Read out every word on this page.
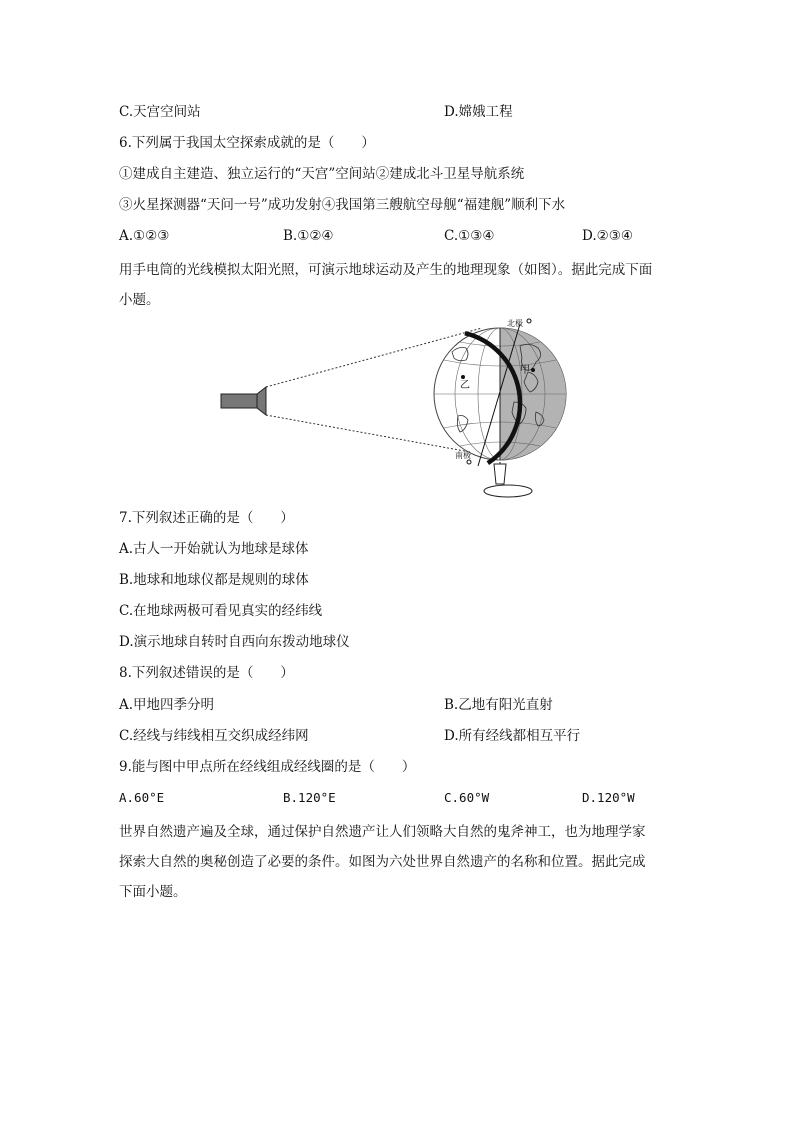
C.天宫空间站	D.嫦娥工程
6.下列属于我国太空探索成就的是（　　）
①建成自主建造、独立运行的“天宫”空间站②建成北斗卫星导航系统
③火星探测器“天问一号”成功发射④我国第三艘航空母舰“福建舰”顺利下水
A.①②③	B.①②④	C.①③④	D.②③④
用手电筒的光线模拟太阳光照，可演示地球运动及产生的地理现象（如图）。据此完成下面
小题。
北极
南极
甲
乙
7.下列叙述正确的是（　　）
A.古人一开始就认为地球是球体
B.地球和地球仪都是规则的球体
C.在地球两极可看见真实的经纬线
D.演示地球自转时自西向东拨动地球仪
8.下列叙述错误的是（　　）
A.甲地四季分明	B.乙地有阳光直射
C.经线与纬线相互交织成经纬网	D.所有经线都相互平行
9.能与图中甲点所在经线组成经线圈的是（　　）
A.60°E	B.120°E	C.60°W	D.120°W
世界自然遗产遍及全球，通过保护自然遗产让人们领略大自然的鬼斧神工，也为地理学家
探索大自然的奥秘创造了必要的条件。如图为六处世界自然遗产的名称和位置。据此完成
下面小题。
